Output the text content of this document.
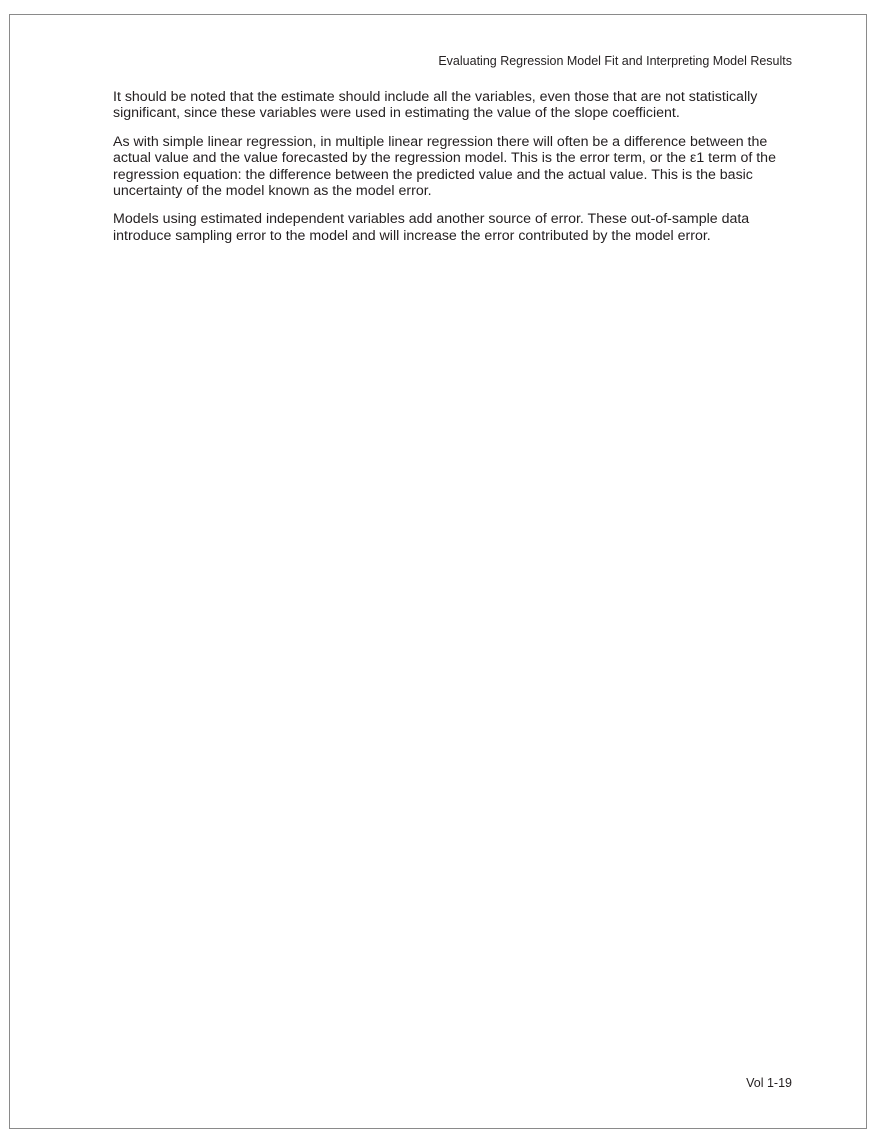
Evaluating Regression Model Fit and Interpreting Model Results

It should be noted that the estimate should include all the variables, even those that are not statistically significant, since these variables were used in estimating the value of the slope coefficient.

As with simple linear regression, in multiple linear regression there will often be a difference between the actual value and the value forecasted by the regression model. This is the error term, or the ε1 term of the regression equation: the difference between the predicted value and the actual value. This is the basic uncertainty of the model known as the model error.

Models using estimated independent variables add another source of error. These out-of-sample data introduce sampling error to the model and will increase the error contributed by the model error.

Vol 1-19
